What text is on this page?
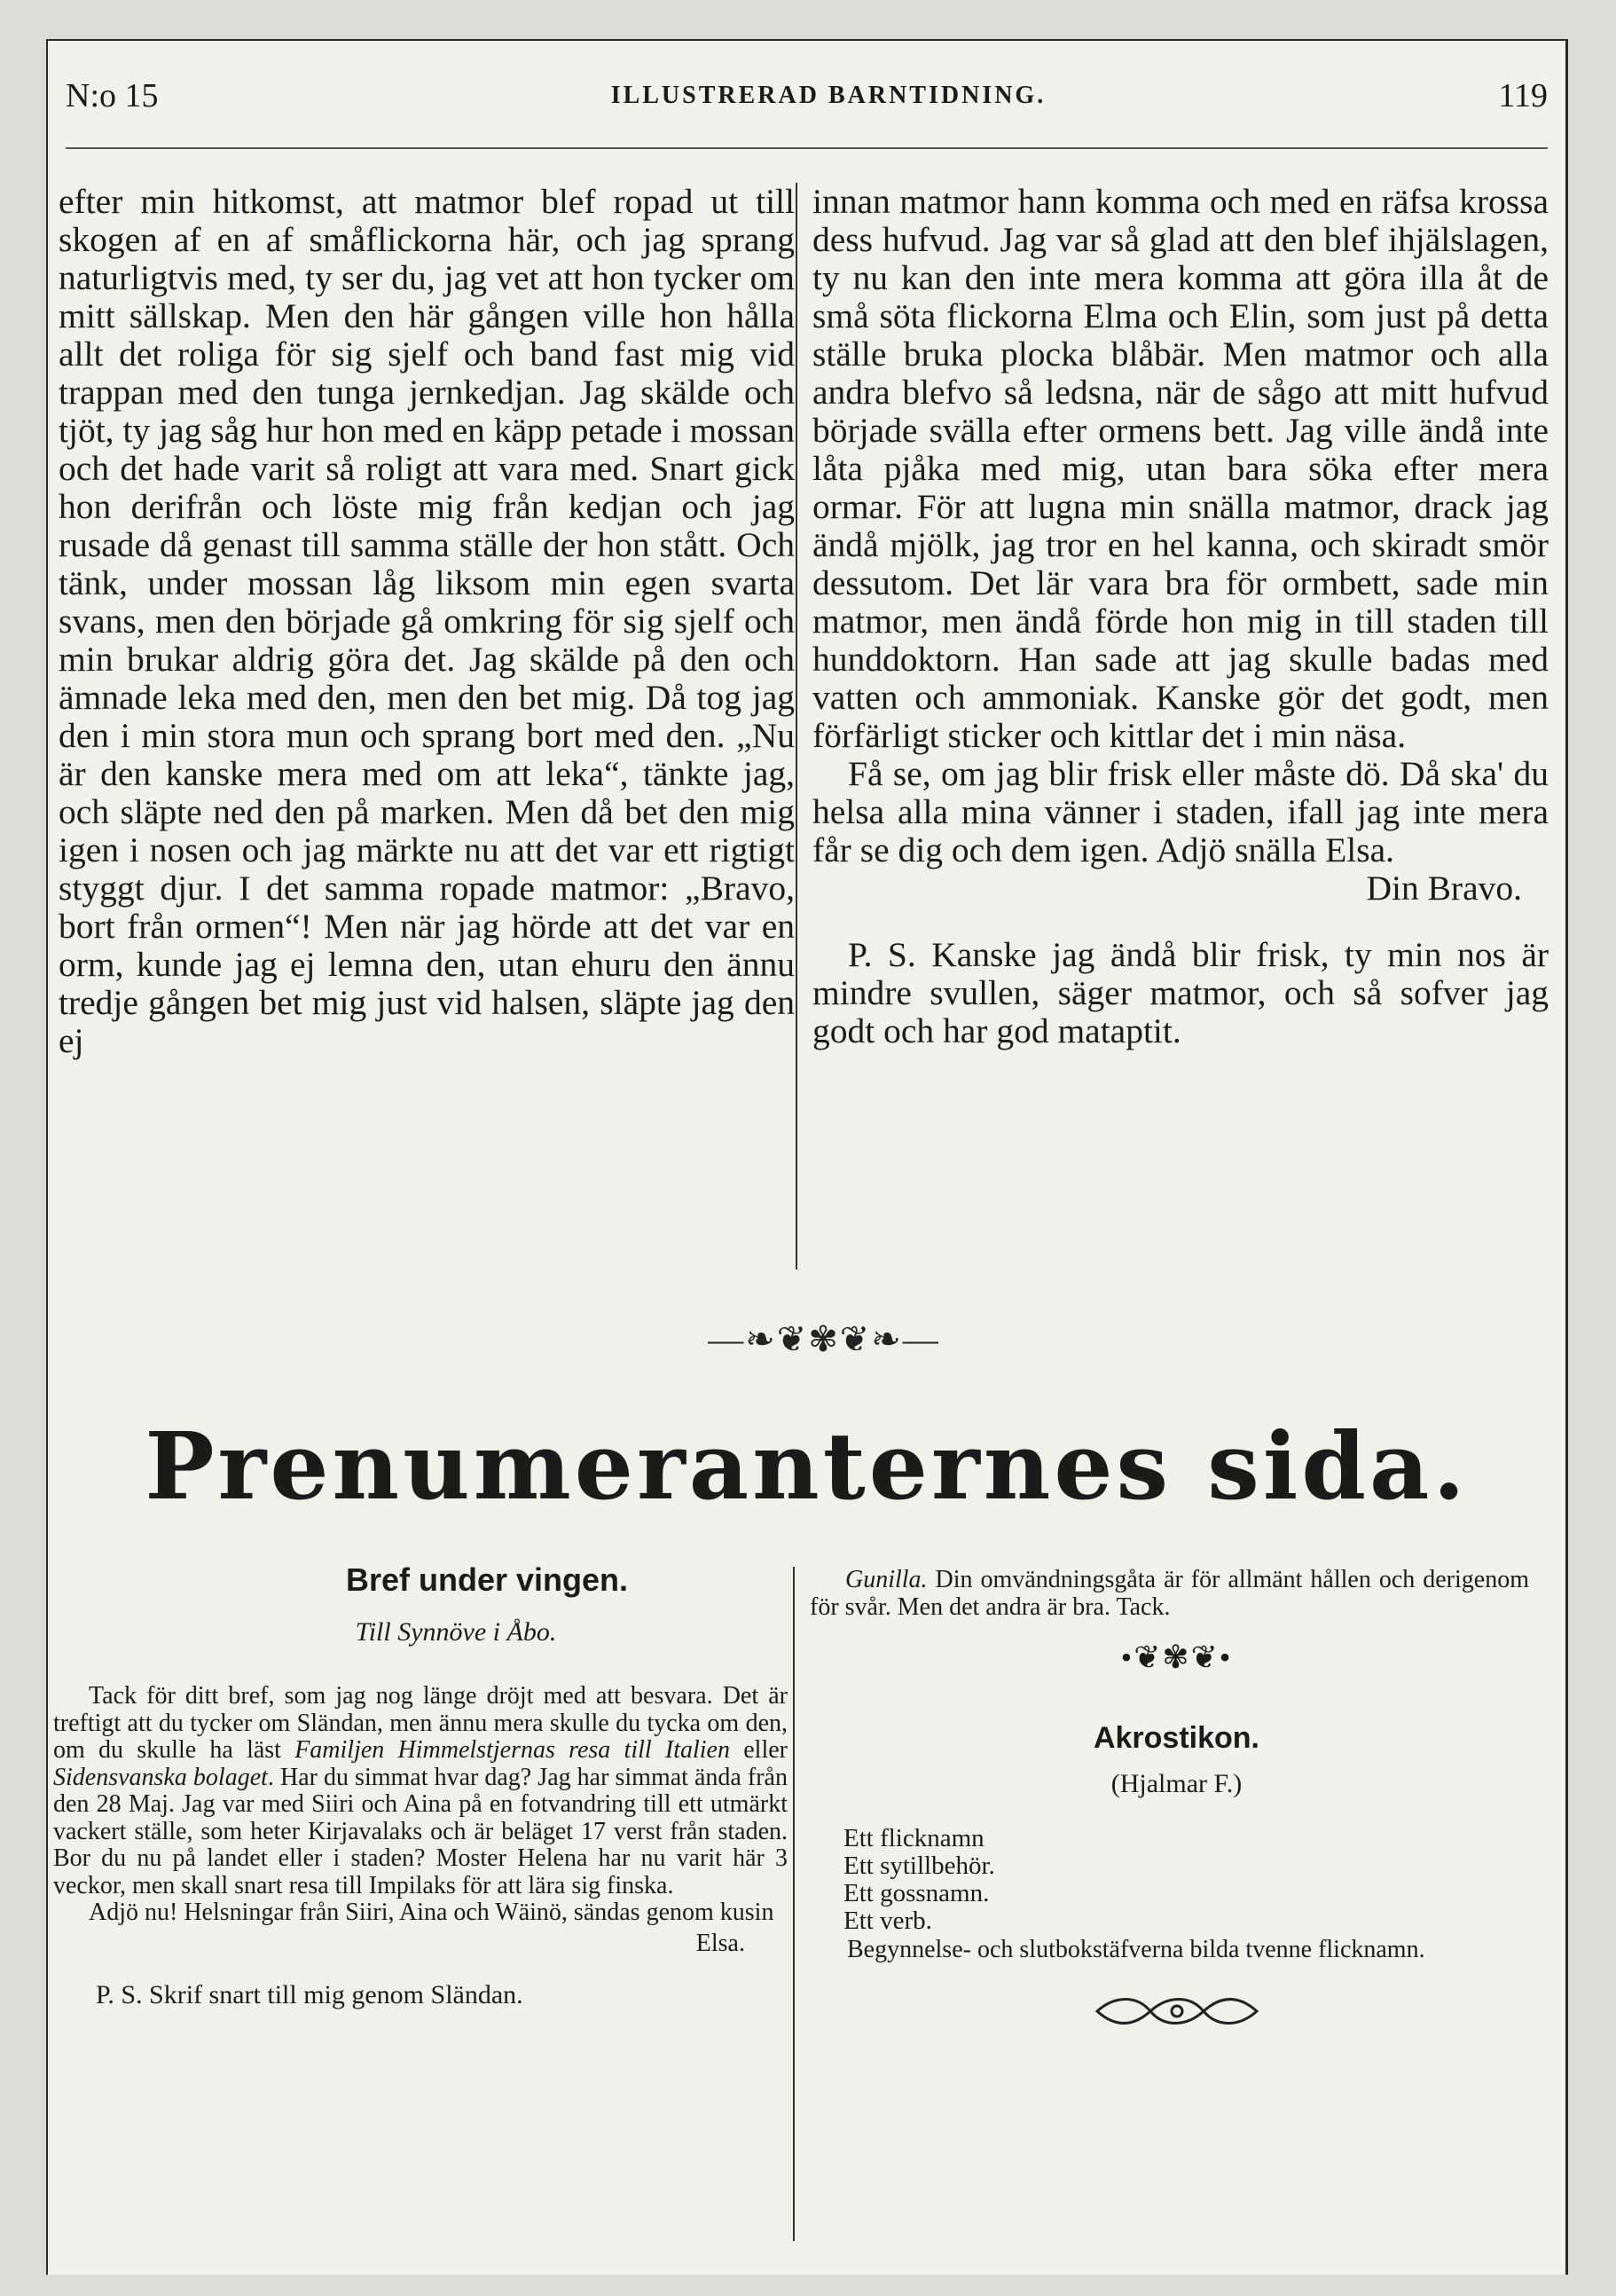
N:o 15	ILLUSTRERAD BARNTIDNING.	119

efter min hitkomst, att matmor blef ropad ut till skogen af en af småflickorna här, och jag sprang naturligtvis med, ty ser du, jag vet att hon tycker om mitt sällskap. Men den här gången ville hon hålla allt det roliga för sig sjelf och band fast mig vid trappan med den tunga jernkedjan. Jag skälde och tjöt, ty jag såg hur hon med en käpp petade i mossan och det hade varit så roligt att vara med. Snart gick hon derifrån och löste mig från kedjan och jag rusade då genast till samma ställe der hon stått. Och tänk, under mossan låg liksom min egen svarta svans, men den började gå omkring för sig sjelf och min brukar aldrig göra det. Jag skälde på den och ämnade leka med den, men den bet mig. Då tog jag den i min stora mun och sprang bort med den. „Nu är den kanske mera med om att leka“, tänkte jag, och släpte ned den på marken. Men då bet den mig igen i nosen och jag märkte nu att det var ett rigtigt styggt djur. I det samma ropade matmor: „Bravo, bort från ormen“! Men när jag hörde att det var en orm, kunde jag ej lemna den, utan ehuru den ännu tredje gången bet mig just vid halsen, släpte jag den ej

innan matmor hann komma och med en räfsa krossa dess hufvud. Jag var så glad att den blef ihjälslagen, ty nu kan den inte mera komma att göra illa åt de små söta flickorna Elma och Elin, som just på detta ställe bruka plocka blåbär. Men matmor och alla andra blefvo så ledsna, när de sågo att mitt hufvud började svälla efter ormens bett. Jag ville ändå inte låta pjåka med mig, utan bara söka efter mera ormar. För att lugna min snälla matmor, drack jag ändå mjölk, jag tror en hel kanna, och skiradt smör dessutom. Det lär vara bra för ormbett, sade min matmor, men ändå förde hon mig in till staden till hunddoktorn. Han sade att jag skulle badas med vatten och ammoniak. Kanske gör det godt, men förfärligt sticker och kittlar det i min näsa.

Få se, om jag blir frisk eller måste dö. Då ska' du helsa alla mina vänner i staden, ifall jag inte mera får se dig och dem igen. Adjö snälla Elsa.

Din Bravo.

P. S. Kanske jag ändå blir frisk, ty min nos är mindre svullen, säger matmor, och så sofver jag godt och har god mataptit.

—❧❦✾❦❧—
Prenumeranternes sida.
Bref under vingen.
Till Synnöve i Åbo.

Tack för ditt bref, som jag nog länge dröjt med att besvara. Det är treftigt att du tycker om Sländan, men ännu mera skulle du tycka om den, om du skulle ha läst Familjen Himmelstjernas resa till Italien eller Sidensvanska bolaget. Har du simmat hvar dag? Jag har simmat ända från den 28 Maj. Jag var med Siiri och Aina på en fotvandring till ett utmärkt vackert ställe, som heter Kirjavalaks och är beläget 17 verst från staden. Bor du nu på landet eller i staden? Moster Helena har nu varit här 3 veckor, men skall snart resa till Impilaks för att lära sig finska.

Adjö nu! Helsningar från Siiri, Aina och Wäinö, sändas genom kusin

Elsa.

P. S. Skrif snart till mig genom Sländan.

Gunilla. Din omvändningsgåta är för allmänt hållen och derigenom för svår. Men det andra är bra. Tack.

•❦✾❦•
Akrostikon.
(Hjalmar F.)
Ett flicknamn
Ett sytillbehör.
Ett gossnamn.
Ett verb.
Begynnelse- och slutbokstäfverna bilda tvenne flicknamn.
